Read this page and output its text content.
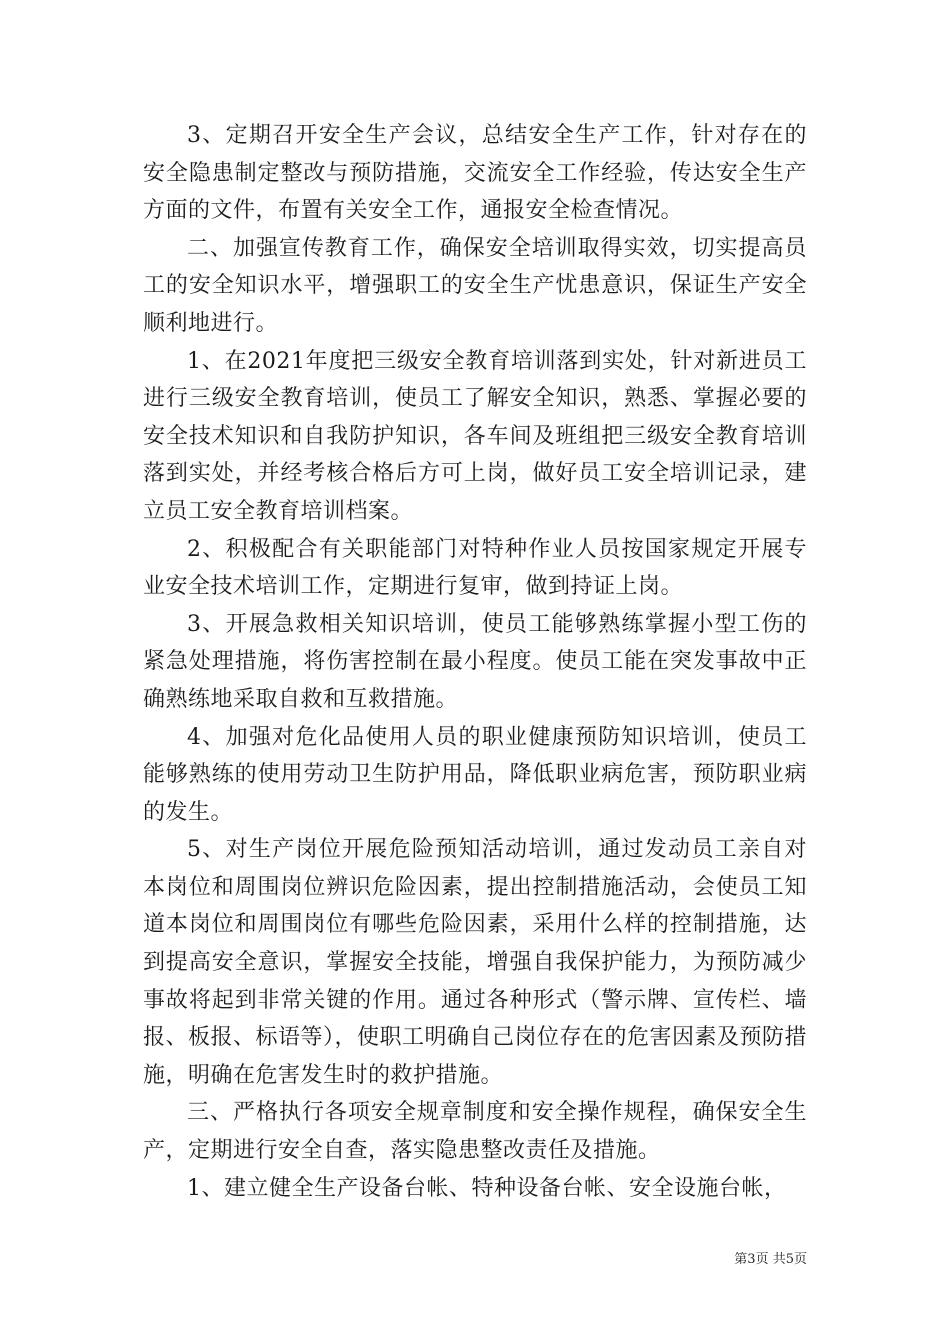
3、定期召开安全生产会议，总结安全生产工作，针对存在的安全隐患制定整改与预防措施，交流安全工作经验，传达安全生产方面的文件，布置有关安全工作，通报安全检查情况。

二、加强宣传教育工作，确保安全培训取得实效，切实提高员工的安全知识水平，增强职工的安全生产忧患意识，保证生产安全顺利地进行。

1、在2021年度把三级安全教育培训落到实处，针对新进员工进行三级安全教育培训，使员工了解安全知识，熟悉、掌握必要的安全技术知识和自我防护知识，各车间及班组把三级安全教育培训落到实处，并经考核合格后方可上岗，做好员工安全培训记录，建立员工安全教育培训档案。

2、积极配合有关职能部门对特种作业人员按国家规定开展专业安全技术培训工作，定期进行复审，做到持证上岗。

3、开展急救相关知识培训，使员工能够熟练掌握小型工伤的紧急处理措施，将伤害控制在最小程度。使员工能在突发事故中正确熟练地采取自救和互救措施。

4、加强对危化品使用人员的职业健康预防知识培训，使员工能够熟练的使用劳动卫生防护用品，降低职业病危害，预防职业病的发生。

5、对生产岗位开展危险预知活动培训，通过发动员工亲自对本岗位和周围岗位辨识危险因素，提出控制措施活动，会使员工知道本岗位和周围岗位有哪些危险因素，采用什么样的控制措施，达到提高安全意识，掌握安全技能，增强自我保护能力，为预防减少事故将起到非常关键的作用。通过各种形式（警示牌、宣传栏、墙报、板报、标语等），使职工明确自己岗位存在的危害因素及预防措施，明确在危害发生时的救护措施。

三、严格执行各项安全规章制度和安全操作规程，确保安全生产，定期进行安全自查，落实隐患整改责任及措施。

1、建立健全生产设备台帐、特种设备台帐、安全设施台帐，

第3页 共5页
